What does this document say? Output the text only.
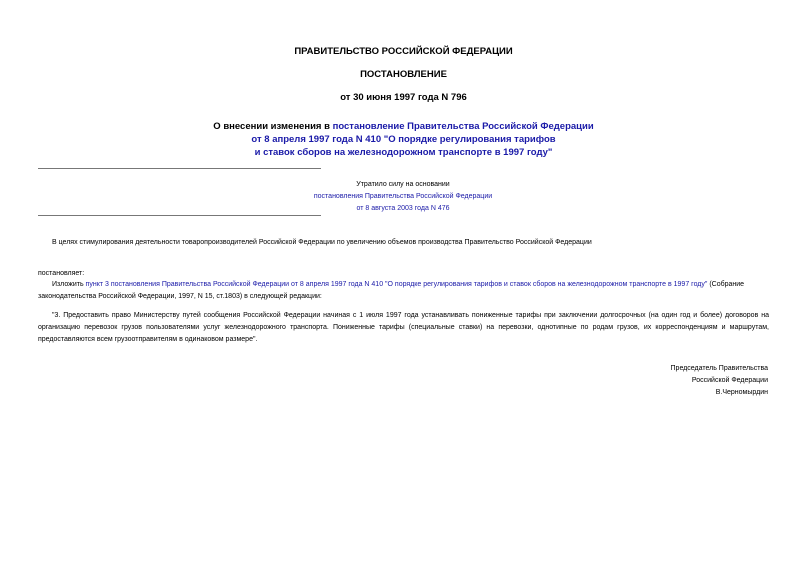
ПРАВИТЕЛЬСТВО РОССИЙСКОЙ ФЕДЕРАЦИИ
ПОСТАНОВЛЕНИЕ
от 30 июня 1997 года N 796
О внесении изменения в постановление Правительства Российской Федерации
от 8 апреля 1997 года N 410 "О порядке регулирования тарифов
и ставок сборов на железнодорожном транспорте в 1997 году"
Утратило силу на основании
постановления Правительства Российской Федерации
от 8 августа 2003 года N 476
В целях стимулирования деятельности товаропроизводителей Российской Федерации по увеличению объемов производства Правительство Российской Федерации
постановляет:
Изложить пункт 3 постановления Правительства Российской Федерации от 8 апреля 1997 года N 410 "О порядке регулирования тарифов и ставок сборов на железнодорожном транспорте в 1997 году" (Собрание законодательства Российской Федерации, 1997, N 15, ст.1803) в следующей редакции:
"3. Предоставить право Министерству путей сообщения Российской Федерации начиная с 1 июля 1997 года устанавливать пониженные тарифы при заключении долгосрочных (на один год и более) договоров на организацию перевозок грузов пользователями услуг железнодорожного транспорта. Пониженные тарифы (специальные ставки) на перевозки, однотипные по родам грузов, их корреспонденциям и маршрутам, предоставляются всем грузоотправителям в одинаковом размере".
Председатель Правительства
Российской Федерации
В.Черномырдин
